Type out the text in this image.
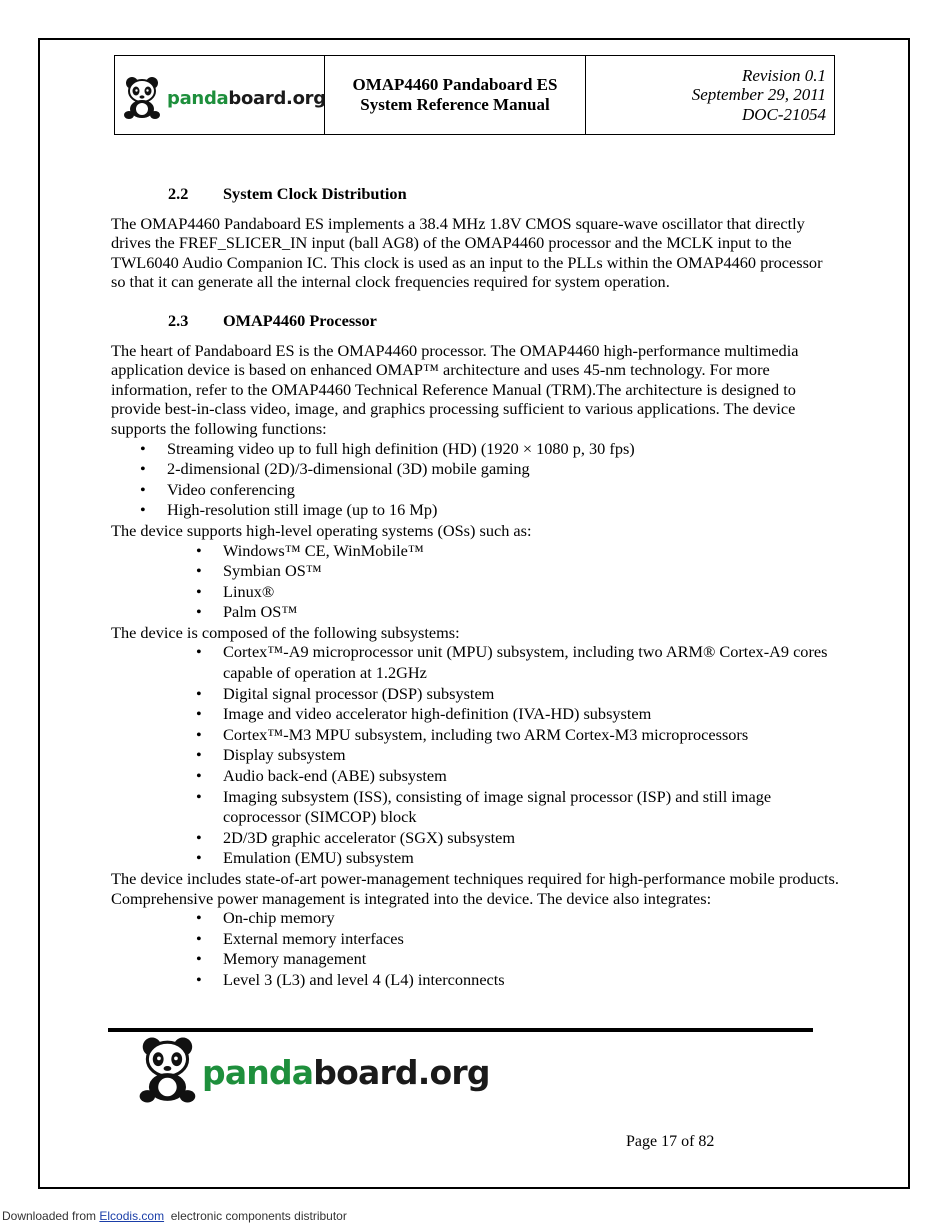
pandaboard.org
OMAP4460 Pandaboard ES
System Reference Manual
Revision 0.1
September 29, 2011
DOC-21054
2.2	System Clock Distribution

The OMAP4460 Pandaboard ES implements a 38.4 MHz 1.8V CMOS square-wave oscillator that directly drives the FREF_SLICER_IN input (ball AG8) of the OMAP4460 processor and the MCLK input to the TWL6040 Audio Companion IC. This clock is used as an input to the PLLs within the OMAP4460 processor so that it can generate all the internal clock frequencies required for system operation.

2.3	OMAP4460 Processor

The heart of Pandaboard ES is the OMAP4460 processor. The OMAP4460 high-performance multimedia application device is based on enhanced OMAP™ architecture and uses 45-nm technology. For more information, refer to the OMAP4460 Technical Reference Manual (TRM).The architecture is designed to provide best-in-class video, image, and graphics processing sufficient to various applications. The device supports the following functions:

• Streaming video up to full high definition (HD) (1920 × 1080 p, 30 fps)
• 2-dimensional (2D)/3-dimensional (3D) mobile gaming
• Video conferencing
• High-resolution still image (up to 16 Mp)

The device supports high-level operating systems (OSs) such as:

• Windows™ CE, WinMobile™
• Symbian OS™
• Linux®
• Palm OS™

The device is composed of the following subsystems:

• Cortex™-A9 microprocessor unit (MPU) subsystem, including two ARM® Cortex-A9 cores capable of operation at 1.2GHz
• Digital signal processor (DSP) subsystem
• Image and video accelerator high-definition (IVA-HD) subsystem
• Cortex™-M3 MPU subsystem, including two ARM Cortex-M3 microprocessors
• Display subsystem
• Audio back-end (ABE) subsystem
• Imaging subsystem (ISS), consisting of image signal processor (ISP) and still image coprocessor (SIMCOP) block
• 2D/3D graphic accelerator (SGX) subsystem
• Emulation (EMU) subsystem

The device includes state-of-art power-management techniques required for high-performance mobile products. Comprehensive power management is integrated into the device. The device also integrates:

• On-chip memory
• External memory interfaces
• Memory management
• Level 3 (L3) and level 4 (L4) interconnects
pandaboard.org
Page 17 of 82
Downloaded from Elcodis.com  electronic components distributor
